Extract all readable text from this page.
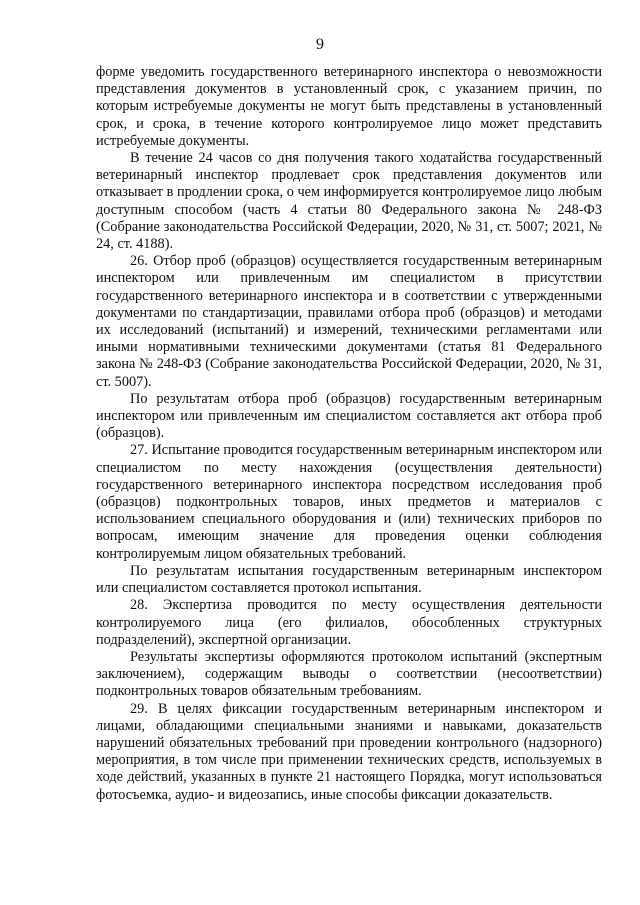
9

форме уведомить государственного ветеринарного инспектора о невозможности представления документов в установленный срок, с указанием причин, по которым истребуемые документы не могут быть представлены в установленный срок, и срока, в течение которого контролируемое лицо может представить истребуемые документы.

В течение 24 часов со дня получения такого ходатайства государственный ветеринарный инспектор продлевает срок представления документов или отказывает в продлении срока, о чем информируется контролируемое лицо любым доступным способом (часть 4 статьи 80 Федерального закона № 248-ФЗ (Собрание законодательства Российской Федерации, 2020, № 31, ст. 5007; 2021, № 24, ст. 4188).

26. Отбор проб (образцов) осуществляется государственным ветеринарным инспектором или привлеченным им специалистом в присутствии государственного ветеринарного инспектора и в соответствии с утвержденными документами по стандартизации, правилами отбора проб (образцов) и методами их исследований (испытаний) и измерений, техническими регламентами или иными нормативными техническими документами (статья 81 Федерального закона № 248-ФЗ (Собрание законодательства Российской Федерации, 2020, № 31, ст. 5007).

По результатам отбора проб (образцов) государственным ветеринарным инспектором или привлеченным им специалистом составляется акт отбора проб (образцов).

27. Испытание проводится государственным ветеринарным инспектором или специалистом по месту нахождения (осуществления деятельности) государственного ветеринарного инспектора посредством исследования проб (образцов) подконтрольных товаров, иных предметов и материалов с использованием специального оборудования и (или) технических приборов по вопросам, имеющим значение для проведения оценки соблюдения контролируемым лицом обязательных требований.

По результатам испытания государственным ветеринарным инспектором или специалистом составляется протокол испытания.

28. Экспертиза проводится по месту осуществления деятельности контролируемого лица (его филиалов, обособленных структурных подразделений), экспертной организации.

Результаты экспертизы оформляются протоколом испытаний (экспертным заключением), содержащим выводы о соответствии (несоответствии) подконтрольных товаров обязательным требованиям.

29. В целях фиксации государственным ветеринарным инспектором и лицами, обладающими специальными знаниями и навыками, доказательств нарушений обязательных требований при проведении контрольного (надзорного) мероприятия, в том числе при применении технических средств, используемых в ходе действий, указанных в пункте 21 настоящего Порядка, могут использоваться фотосъемка, аудио- и видеозапись, иные способы фиксации доказательств.
